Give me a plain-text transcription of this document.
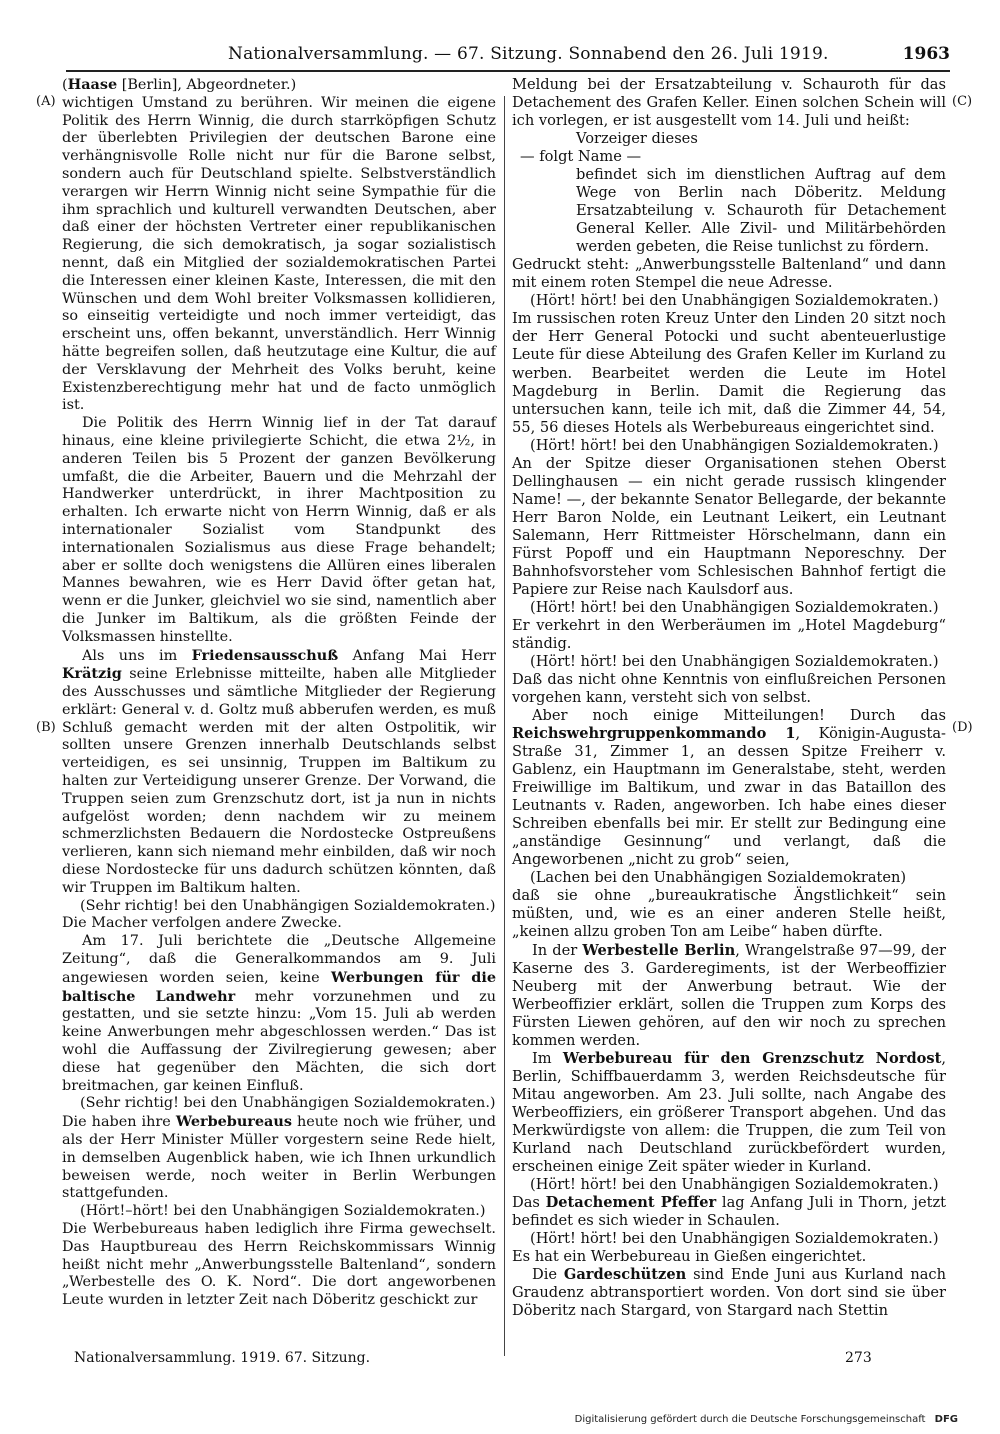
Nationalversammlung. — 67. Sitzung. Sonnabend den 26. Juli 1919.	1963
(A)
(B)
(C)
(D)

(Haase [Berlin], Abgeordneter.)

wichtigen Umstand zu berühren. Wir meinen die eigene Politik des Herrn Winnig, die durch starrköpfigen Schutz der überlebten Privilegien der deutschen Barone eine verhängnisvolle Rolle nicht nur für die Barone selbst, sondern auch für Deutschland spielte. Selbstverständlich verargen wir Herrn Winnig nicht seine Sympathie für die ihm sprachlich und kulturell verwandten Deutschen, aber daß einer der höchsten Vertreter einer republikanischen Regierung, die sich demokratisch, ja sogar sozialistisch nennt, daß ein Mitglied der sozialdemokratischen Partei die Interessen einer kleinen Kaste, Interessen, die mit den Wünschen und dem Wohl breiter Volksmassen kollidieren, so einseitig verteidigte und noch immer verteidigt, das erscheint uns, offen bekannt, unverständlich. Herr Winnig hätte begreifen sollen, daß heutzutage eine Kultur, die auf der Versklavung der Mehrheit des Volks beruht, keine Existenzberechtigung mehr hat und de facto unmöglich ist.

Die Politik des Herrn Winnig lief in der Tat darauf hinaus, eine kleine privilegierte Schicht, die etwa 2½, in anderen Teilen bis 5 Prozent der ganzen Bevölkerung umfaßt, die die Arbeiter, Bauern und die Mehrzahl der Handwerker unterdrückt, in ihrer Machtposition zu erhalten. Ich erwarte nicht von Herrn Winnig, daß er als internationaler Sozialist vom Standpunkt des internationalen Sozialismus aus diese Frage behandelt; aber er sollte doch wenigstens die Allüren eines liberalen Mannes bewahren, wie es Herr David öfter getan hat, wenn er die Junker, gleichviel wo sie sind, namentlich aber die Junker im Baltikum, als die größten Feinde der Volksmassen hinstellte.

Als uns im Friedensausschuß Anfang Mai Herr Krätzig seine Erlebnisse mitteilte, haben alle Mitglieder des Ausschusses und sämtliche Mitglieder der Regierung erklärt: General v. d. Goltz muß abberufen werden, es muß Schluß gemacht werden mit der alten Ostpolitik, wir sollten unsere Grenzen innerhalb Deutschlands selbst verteidigen, es sei unsinnig, Truppen im Baltikum zu halten zur Verteidigung unserer Grenze. Der Vorwand, die Truppen seien zum Grenzschutz dort, ist ja nun in nichts aufgelöst worden; denn nachdem wir zu meinem schmerzlichsten Bedauern die Nordostecke Ostpreußens verlieren, kann sich niemand mehr einbilden, daß wir noch diese Nordostecke für uns dadurch schützen könnten, daß wir Truppen im Baltikum halten.

(Sehr richtig! bei den Unabhängigen Sozialdemokraten.)

Die Macher verfolgen andere Zwecke.

Am 17. Juli berichtete die „Deutsche Allgemeine Zeitung“, daß die Generalkommandos am 9. Juli angewiesen worden seien, keine Werbungen für die baltische Landwehr mehr vorzunehmen und zu gestatten, und sie setzte hinzu: „Vom 15. Juli ab werden keine Anwerbungen mehr abgeschlossen werden.“ Das ist wohl die Auffassung der Zivilregierung gewesen; aber diese hat gegenüber den Mächten, die sich dort breitmachen, gar keinen Einfluß.

(Sehr richtig! bei den Unabhängigen Sozialdemokraten.)

Die haben ihre Werbebureaus heute noch wie früher, und als der Herr Minister Müller vorgestern seine Rede hielt, in demselben Augenblick haben, wie ich Ihnen urkundlich beweisen werde, noch weiter in Berlin Werbungen stattgefunden.

(Hört!–hört! bei den Unabhängigen Sozialdemokraten.)

Die Werbebureaus haben lediglich ihre Firma gewechselt. Das Hauptbureau des Herrn Reichskommissars Winnig heißt nicht mehr „Anwerbungsstelle Baltenland“, sondern „Werbestelle des O. K. Nord“. Die dort angeworbenen Leute wurden in letzter Zeit nach Döberitz geschickt zur

Meldung bei der Ersatzabteilung v. Schauroth für das Detachement des Grafen Keller. Einen solchen Schein will ich vorlegen, er ist ausgestellt vom 14. Juli und heißt:

Vorzeiger dieses

— folgt Name —

befindet sich im dienstlichen Auftrag auf dem Wege von Berlin nach Döberitz. Meldung Ersatzabteilung v. Schauroth für Detachement General Keller. Alle Zivil- und Militärbehörden werden gebeten, die Reise tunlichst zu fördern.

Gedruckt steht: „Anwerbungsstelle Baltenland“ und dann mit einem roten Stempel die neue Adresse.

(Hört! hört! bei den Unabhängigen Sozialdemokraten.)

Im russischen roten Kreuz Unter den Linden 20 sitzt noch der Herr General Potocki und sucht abenteuerlustige Leute für diese Abteilung des Grafen Keller im Kurland zu werben. Bearbeitet werden die Leute im Hotel Magdeburg in Berlin. Damit die Regierung das untersuchen kann, teile ich mit, daß die Zimmer 44, 54, 55, 56 dieses Hotels als Werbebureaus eingerichtet sind.

(Hört! hört! bei den Unabhängigen Sozialdemokraten.)

An der Spitze dieser Organisationen stehen Oberst Dellinghausen — ein nicht gerade russisch klingender Name! —, der bekannte Senator Bellegarde, der bekannte Herr Baron Nolde, ein Leutnant Leikert, ein Leutnant Salemann, Herr Rittmeister Hörschelmann, dann ein Fürst Popoff und ein Hauptmann Neporeschny. Der Bahnhofsvorsteher vom Schlesischen Bahnhof fertigt die Papiere zur Reise nach Kaulsdorf aus.

(Hört! hört! bei den Unabhängigen Sozialdemokraten.)

Er verkehrt in den Werberäumen im „Hotel Magdeburg“ ständig.

(Hört! hört! bei den Unabhängigen Sozialdemokraten.)

Daß das nicht ohne Kenntnis von einflußreichen Personen vorgehen kann, versteht sich von selbst.

Aber noch einige Mitteilungen! Durch das Reichswehrgruppenkommando 1, Königin-Augusta-Straße 31, Zimmer 1, an dessen Spitze Freiherr v. Gablenz, ein Hauptmann im Generalstabe, steht, werden Freiwillige im Baltikum, und zwar in das Bataillon des Leutnants v. Raden, angeworben. Ich habe eines dieser Schreiben ebenfalls bei mir. Er stellt zur Bedingung eine „anständige Gesinnung“ und verlangt, daß die Angeworbenen „nicht zu grob“ seien,

(Lachen bei den Unabhängigen Sozialdemokraten)

daß sie ohne „bureaukratische Ängstlichkeit“ sein müßten, und, wie es an einer anderen Stelle heißt, „keinen allzu groben Ton am Leibe“ haben dürfte.

In der Werbestelle Berlin, Wrangelstraße 97—99, der Kaserne des 3. Garderegiments, ist der Werbeoffizier Neuberg mit der Anwerbung betraut. Wie der Werbeoffizier erklärt, sollen die Truppen zum Korps des Fürsten Liewen gehören, auf den wir noch zu sprechen kommen werden.

Im Werbebureau für den Grenzschutz Nordost, Berlin, Schiffbauerdamm 3, werden Reichsdeutsche für Mitau angeworben. Am 23. Juli sollte, nach Angabe des Werbeoffiziers, ein größerer Transport abgehen. Und das Merkwürdigste von allem: die Truppen, die zum Teil von Kurland nach Deutschland zurückbefördert wurden, erscheinen einige Zeit später wieder in Kurland.

(Hört! hört! bei den Unabhängigen Sozialdemokraten.)

Das Detachement Pfeffer lag Anfang Juli in Thorn, jetzt befindet es sich wieder in Schaulen.

(Hört! hört! bei den Unabhängigen Sozialdemokraten.)

Es hat ein Werbebureau in Gießen eingerichtet.

Die Gardeschützen sind Ende Juni aus Kurland nach Graudenz abtransportiert worden. Von dort sind sie über Döberitz nach Stargard, von Stargard nach Stettin

Nationalversammlung. 1919. 67. Sitzung.	273
Digitalisierung gefördert durch die Deutsche Forschungsgemeinschaft DFG
